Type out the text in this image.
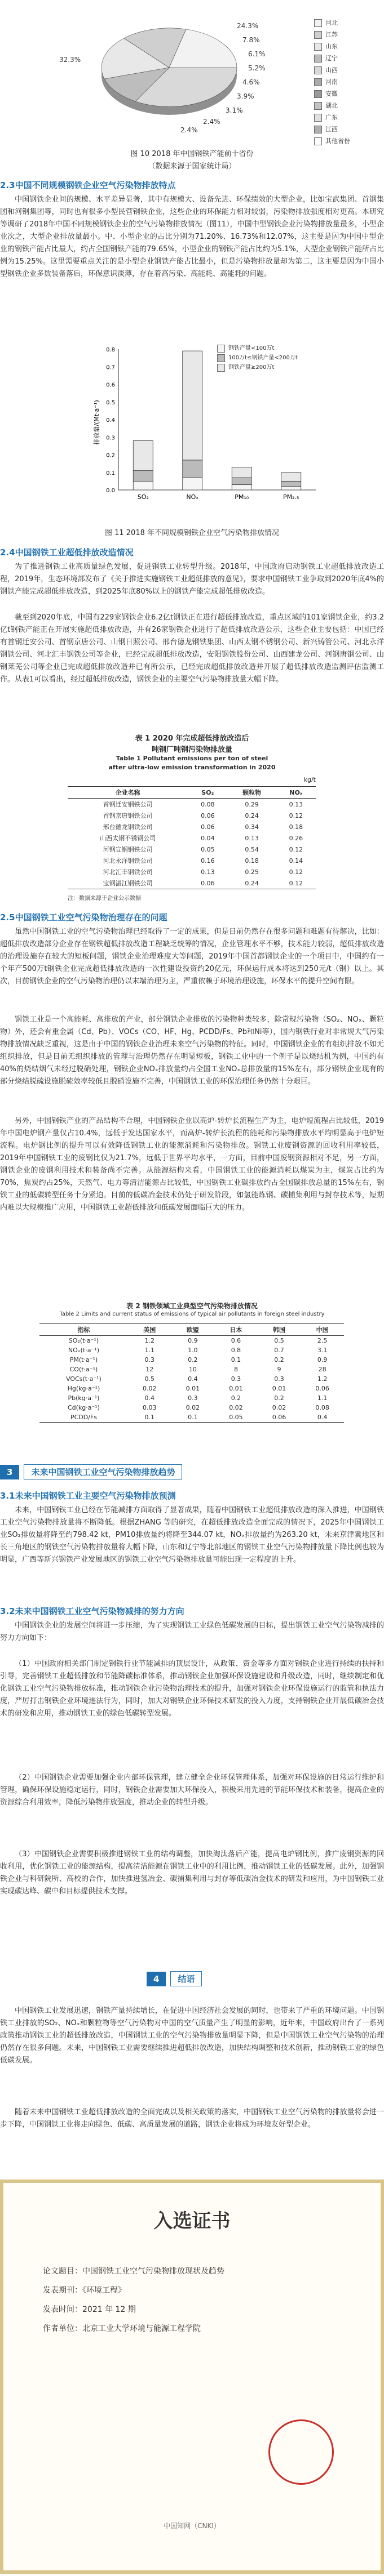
32.3%
24.3%
7.8%
6.1%
5.2%
4.6%
3.9%
3.1%
2.4%
2.4%
河北
江苏
山东
辽宁
山西
河南
安徽
湖北
广东
江西
其他省份
图 10 2018 年中国钢铁产能前十省份
（数据来源于国家统计局）
2.3中国不同规模钢铁企业空气污染物排放特点
中国钢铁企业间的规模、水平差异显著，其中有规模大、设备先进、环保绩效的大型企业，比如宝武集团、首钢集团和河钢集团等，同时也有很多小型民营钢铁企业，这些企业的环保能力相对较弱，污染物排放强度相对更高。本研究等调研了2018年中国不同规模钢铁企业的空气污染物排放情况（图11），中国中型钢铁企业污染物排放量最多，小型企业次之，大型企业排放量最小。中、小型企业的占比分别为71.20%、16.73%和12.07%，这主要是因为中国中型企业的钢铁产能占比最大，约占全国钢铁产能的79.65%，小型企业的钢铁产能占比约为5.1%，大型企业钢铁产能所占比例为15.25%。这里需要重点关注的是小型企业钢铁产能占比最小，但是污染物排放量却为第二，这主要是因为中国小型钢铁企业多数装备落后，环保意识淡薄，存在着高污染、高能耗、高能耗的问题。
排放量/(Mt·a⁻¹)
0.0
0.1
0.2
0.3
0.4
0.5
0.6
0.7
0.8
SO₂	NOₓ	PM₁₀	PM₂.₅
钢铁产量<100万t
100万t≤钢铁产量<200万t
钢铁产量≥200万t
图 11 2018 年不同规模钢铁企业空气污染物排放情况
2.4中国钢铁工业超低排放改造情况
为了推进钢铁工业高质量绿色发展，促进钢铁工业转型升级。2018年，中国政府启动钢铁工业超低排放改造工程，2019年，生态环境部发布了《关于推进实施钢铁工业超低排放的意见》，要求中国钢铁工业争取到2020年底4%的钢铁产能完成超低排放改造，到2025年底80%以上的钢铁产能完成超低排放改造。
截至到2020年底，中国有229家钢铁企业6.2亿t钢铁正在进行超低排放改造，重点区域的101家钢铁企业，约3.2亿t钢铁产能正在开展实施超低排放改造，并有26家钢铁企业进行了超低排放改造公示，这些企业主要包括：中国已经有首钢迁安公司、首钢京唐公司、山钢日照公司、邢台德龙钢铁集团、山西太钢不锈钢公司、新兴铸管公司、河北永洋钢铁公司、河北汇丰钢铁公司等企业，已经完成超低排放改造，安阳钢铁股份公司、山西建龙公司、河钢唐钢公司、山钢莱芜公司等企业已完成超低排放改造并已有所公示，已经完成超低排放改造并开展了超低排放改造监测评估监测工作。从表1可以看出，经过超低排放改造，钢铁企业的主要空气污染物排放量大幅下降。
表 1 2020 年完成超低排放改造后
吨钢厂吨钢污染物排放量
Table 1 Pollutant emissions per ton of steel
after ultra-low emission transformation in 2020
kg/t
企业名称	SO₂	颗粒物	NOₓ
首钢迁安钢铁公司	0.08	0.29	0.13
首钢京唐钢铁公司	0.06	0.24	0.12
邢台德龙钢铁公司	0.06	0.34	0.18
山西太钢不锈钢公司	0.04	0.13	0.26
河钢宣钢钢铁公司	0.05	0.54	0.12
河北永洋钢铁公司	0.16	0.18	0.14
河北汇丰钢铁公司	0.13	0.25	0.12
宝钢湛江钢铁公司	0.06	0.24	0.12
注：数据来源于企业公示数据
2.5中国钢铁工业空气污染物治理存在的问题
虽然中国钢铁工业的空气污染物治理已经取得了一定的成果，但是目前仍然存在很多问题和难题有待解决，比如：超低排放改造部分企业存在钢铁超低排放改造工程缺乏统筹的情况，企业管理水平不够，技术能力较弱，超低排放改造的治理设施存在较大的短板问题，钢铁企业治理难度大等问题，2019年中国首都钢铁企业的一个项目中，中国约有一个年产500万t钢铁企业完成超低排放改造的一次性建设投资约20亿元，环保运行成本将达到250元/t（钢）以上。其次，目前钢铁企业的空气污染物治理仍以末端治理为主，严重依赖于环境治理设施，环保水平的提升空间有限。
钢铁工业是一个高能耗、高排放的产业，部分钢铁企业排放的污染物种类较多，除常规污染物（SO₂、NOₓ、颗粒物）外，还会有重金属（Cd、Pb）、VOCs（CO、HF、Hg、PCDD/Fs、Pb和Ni等），国内钢铁行业对非常规大气污染物排放情况缺乏重视，这是由于中国的钢铁企业治理未来空气污染物的特征。同时，中国钢铁企业的有组织排放不如无组织排放，但是目前无组织排放的管理与治理仍然存在明显短板，钢铁工业中的一个例子是以烧结机为例，中国约有40%的烧结烟气未经过脱硝处理，钢铁企业NOₓ排放量约占全国工业NOₓ总排放量的15%左右，部分钢铁企业现有的部分烧结脱硫设施脱硫效率较低且脱硝设施不完善，中国钢铁工业的环保治理任务仍然十分艰巨。
另外，中国钢铁产业的产品结构不合理，中国钢铁企业以高炉-转炉长流程生产为主，电炉短流程占比较低，2019年中国电炉钢产量仅占10.4%，远低于发达国家水平，而高炉-转炉长流程的能耗和污染物排放水平均明显高于电炉短流程。电炉钢比例的提升可以有效降低钢铁工业的能源消耗和污染物排放。钢铁工业废钢资源的回收利用率较低，2019年中国钢铁工业的废钢比仅为21.7%，远低于世界平均水平，一方面，目前中国废钢资源相对不足，另一方面，钢铁企业的废钢利用技术和装备尚不完善。从能源结构来看，中国钢铁工业的能源消耗以煤炭为主，煤炭占比约为70%，焦炭约占25%，天然气、电力等清洁能源占比较低，中国钢铁工业碳排放约占全国碳排放总量的15%左右，钢铁工业的低碳转型任务十分紧迫。目前的低碳冶金技术仍处于研发阶段，如氢能炼钢、碳捕集利用与封存技术等，短期内难以大规模推广应用，中国钢铁工业超低排放和低碳发展面临巨大的压力。
表 2 钢铁领域工业典型空气污染物排放情况
Table 2 Limits and current status of emissions of typical air pollutants in foreign steel industry
指标	美国	欧盟	日本	韩国	中国
SO₂(t·a⁻¹)	1.2	0.9	0.6	0.5	2.5
NOₓ(t·a⁻¹)	1.1	1.0	0.8	0.7	3.1
PM(t·a⁻¹)	0.3	0.2	0.1	0.2	0.9
CO(t·a⁻¹)	12	10	8	9	28
VOCs(t·a⁻¹)	0.5	0.4	0.3	0.3	1.2
Hg(kg·a⁻¹)	0.02	0.01	0.01	0.01	0.06
Pb(kg·a⁻¹)	0.4	0.3	0.2	0.2	1.1
Cd(kg·a⁻¹)	0.03	0.02	0.02	0.02	0.08
PCDD/Fs	0.1	0.1	0.05	0.06	0.4
3	未来中国钢铁工业空气污染物排放趋势
3.1未来中国钢铁工业主要空气污染物排放预测
未来，中国钢铁工业已经在节能减排方面取得了显著成果，随着中国钢铁工业超低排放改造的深入推进，中国钢铁工业空气污染物排放量将不断降低。根据ZHANG 等的研究，在超低排放改造全面完成的情况下，2025年中国钢铁工业SO₂排放量将降至约798.42 kt，PM10排放量约将降至344.07 kt，NOₓ排放量约为263.20 kt，未来京津冀地区和长三角地区的钢铁空气污染物排放量将大幅下降，山东和辽宁等北部地区的钢铁工业空气污染物排放量下降比例也较为明显，广西等新兴钢铁产业发展地区的钢铁工业空气污染物排放量可能出现一定程度的上升。
3.2未来中国钢铁工业空气污染物减排的努力方向
中国钢铁企业的发展空间将进一步压缩，为了实现钢铁工业绿色低碳发展的目标，提出钢铁工业空气污染物减排的努力方向如下：
（1）中国政府相关部门制定钢铁行业节能减排的顶层设计，从政策、资金等多方面对钢铁企业进行持续的扶持和引导，完善钢铁工业超低排放和节能降碳标准体系，推动钢铁企业加强环保设施建设和升级改造，同时，继续制定和优化钢铁工业空气污染物排放标准，推动钢铁企业污染物治理技术的提升，加强对钢铁企业环保设施运行的监管和执法力度，严厉打击钢铁企业环境违法行为，同时，加大对钢铁企业环保技术研发的投入力度，支持钢铁企业开展低碳冶金技术的研发和应用，推动钢铁工业的绿色低碳转型发展。
（2）中国钢铁企业需要加强企业内部环保管理，建立健全企业环保管理体系，加强对环保设施的日常运行维护和管理，确保环保设施稳定运行，同时，钢铁企业需要加大环保投入，积极采用先进的节能环保技术和装备，提高企业的资源综合利用效率，降低污染物排放强度，推动企业的转型升级。
（3）中国钢铁企业需要积极推进钢铁工业的结构调整，加快淘汰落后产能，提高电炉钢比例，推广废钢资源的回收利用，优化钢铁工业的能源结构，提高清洁能源在钢铁工业中的利用比例，推动钢铁工业的低碳发展。此外，加强钢铁企业与科研院所、高校的合作，加快推进氢冶金、碳捕集利用与封存等低碳冶金技术的研发和应用，为中国钢铁工业实现碳达峰、碳中和目标提供技术支撑。
4	结语
中国钢铁工业发展迅速，钢铁产量持续增长，在促进中国经济社会发展的同时，也带来了严重的环境问题。中国钢铁工业排放的SO₂、NOₓ和颗粒物等空气污染物对中国的空气质量产生了明显的影响，近年来，中国政府出台了一系列政策推动钢铁工业的超低排放改造，中国钢铁工业的空气污染物排放量明显下降，但是中国钢铁工业空气污染物的治理仍然存在很多问题。未来，中国钢铁工业需要继续推进超低排放改造，加快结构调整和技术创新，推动钢铁工业的绿色低碳发展。
随着未来中国钢铁工业超低排放改造的全面完成以及相关政策的落实，中国钢铁工业空气污染物的排放量将会进一步下降，中国钢铁工业将走向绿色、低碳、高质量发展的道路，钢铁企业将成为环境友好型企业。
入选证书
论文题目：中国钢铁工业空气污染物排放现状及趋势
发表期刊：《环境工程》
发表时间：2021 年 12 期
作者单位：北京工业大学环境与能源工程学院
中国知网（CNKI）
